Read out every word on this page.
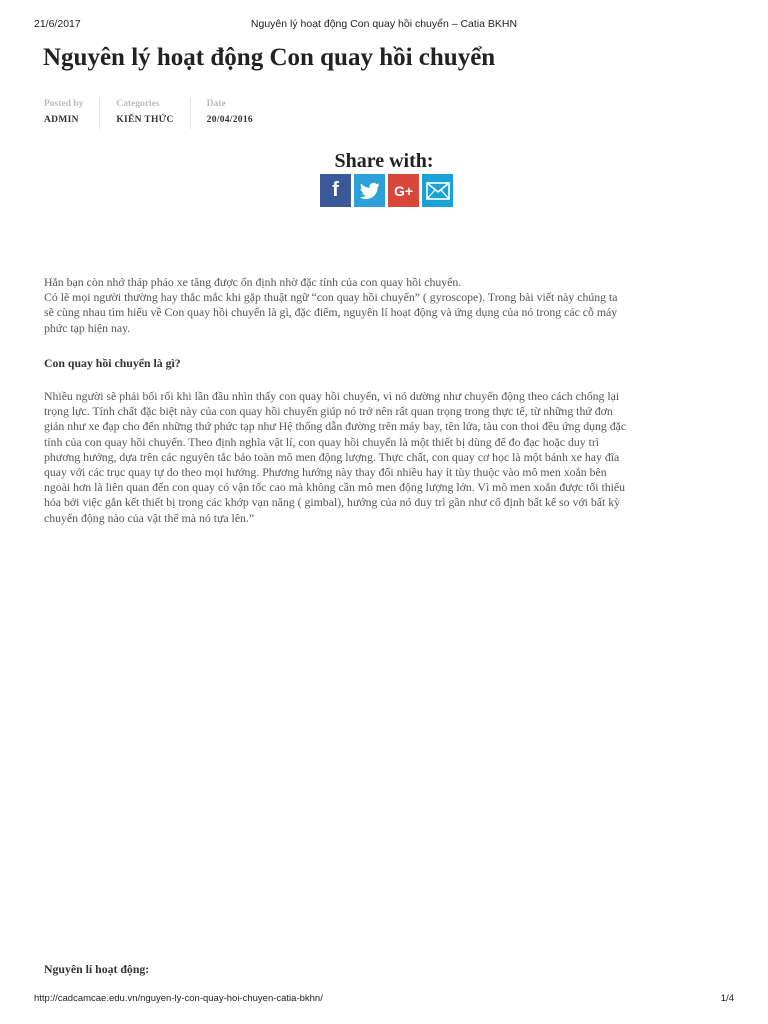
21/6/2017	Nguyên lý hoạt động Con quay hồi chuyển – Catia BKHN
Nguyên lý hoạt động Con quay hồi chuyển
Posted by
ADMIN
Categories
KIẾN THỨC
Date
20/04/2016
Share with:
f	G+
Hẳn bạn còn nhớ tháp pháo xe tăng được ổn định nhờ đặc tính của con quay hồi chuyển.
Có lẽ mọi người thường hay thắc mắc khi gặp thuật ngữ “con quay hồi chuyển” ( gyroscope). Trong bài viết này chúng ta
sẽ cùng nhau tìm hiểu về Con quay hồi chuyển là gì, đặc điểm, nguyên lí hoạt động và ứng dụng của nó trong các cỗ máy
phức tạp hiện nay.
Con quay hồi chuyển là gì?
Nhiều người sẽ phải bối rối khi lần đầu nhìn thấy con quay hồi chuyển, vì nó dường như chuyển động theo cách chống lại
trọng lực. Tính chất đặc biệt này của con quay hồi chuyển giúp nó trở nên rất quan trọng trong thực tế, từ những thứ đơn
giản như xe đạp cho đến những thứ phức tạp như Hệ thống dẫn đường trên máy bay, tên lửa, tàu con thoi đều ứng dụng đặc
tính của con quay hồi chuyển. Theo định nghĩa vật lí, con quay hồi chuyển là một thiết bị dùng để đo đạc hoặc duy trì
phương hướng, dựa trên các nguyên tắc bảo toàn mô men động lượng. Thực chất, con quay cơ học là một bánh xe hay đĩa
quay với các trục quay tự do theo mọi hướng. Phương hướng này thay đổi nhiều hay ít tùy thuộc vào mô men xoắn bên
ngoài hơn là liên quan đến con quay có vận tốc cao mà không cần mô men động lượng lớn. Vì mô men xoắn được tối thiểu
hóa bởi việc gắn kết thiết bị trong các khớp vạn năng ( gimbal), hướng của nó duy trì gần như cố định bất kể so với bất kỳ
chuyển động nào của vật thể mà nó tựa lên.”
Nguyên lí hoạt động:
http://cadcamcae.edu.vn/nguyen-ly-con-quay-hoi-chuyen-catia-bkhn/	1/4
